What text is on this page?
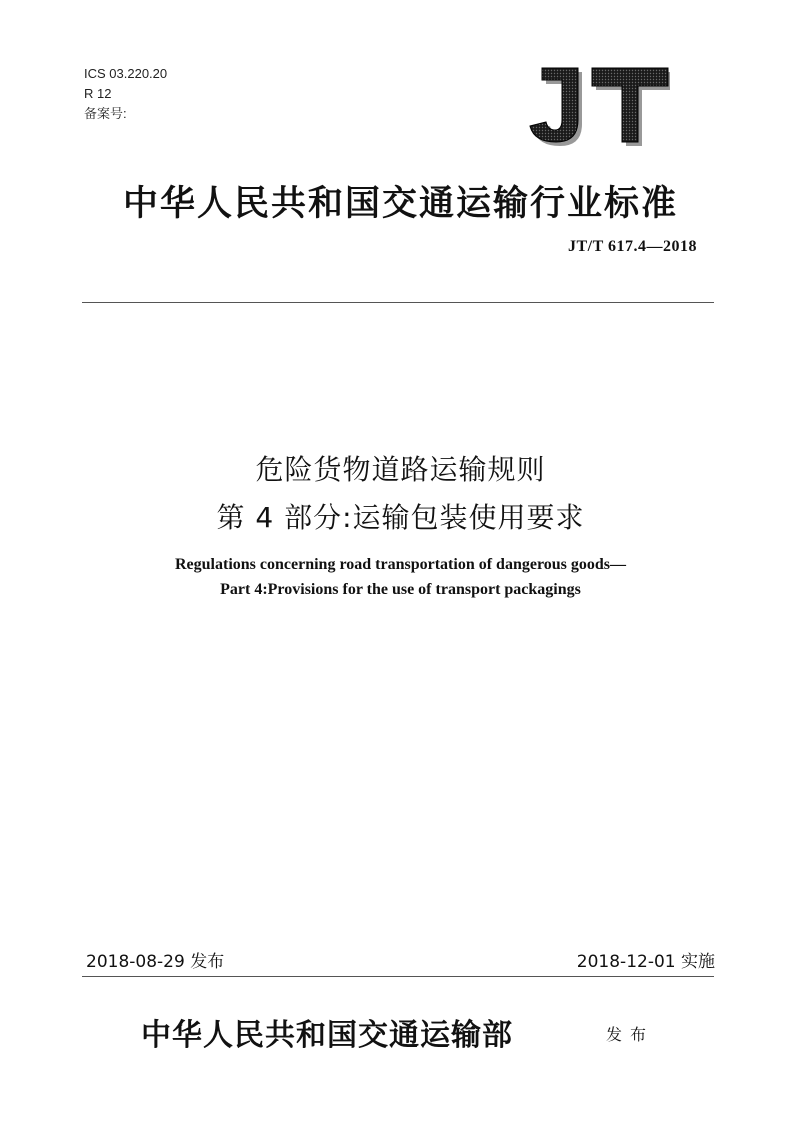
ICS 03.220.20
R 12
备案号:
中华人民共和国交通运输行业标准
JT/T 617.4—2018
危险货物道路运输规则
第 4 部分:运输包装使用要求
Regulations concerning road transportation of dangerous goods—
Part 4:Provisions for the use of transport packagings
2018-08-29 发布	2018-12-01 实施
中华人民共和国交通运输部	发布
